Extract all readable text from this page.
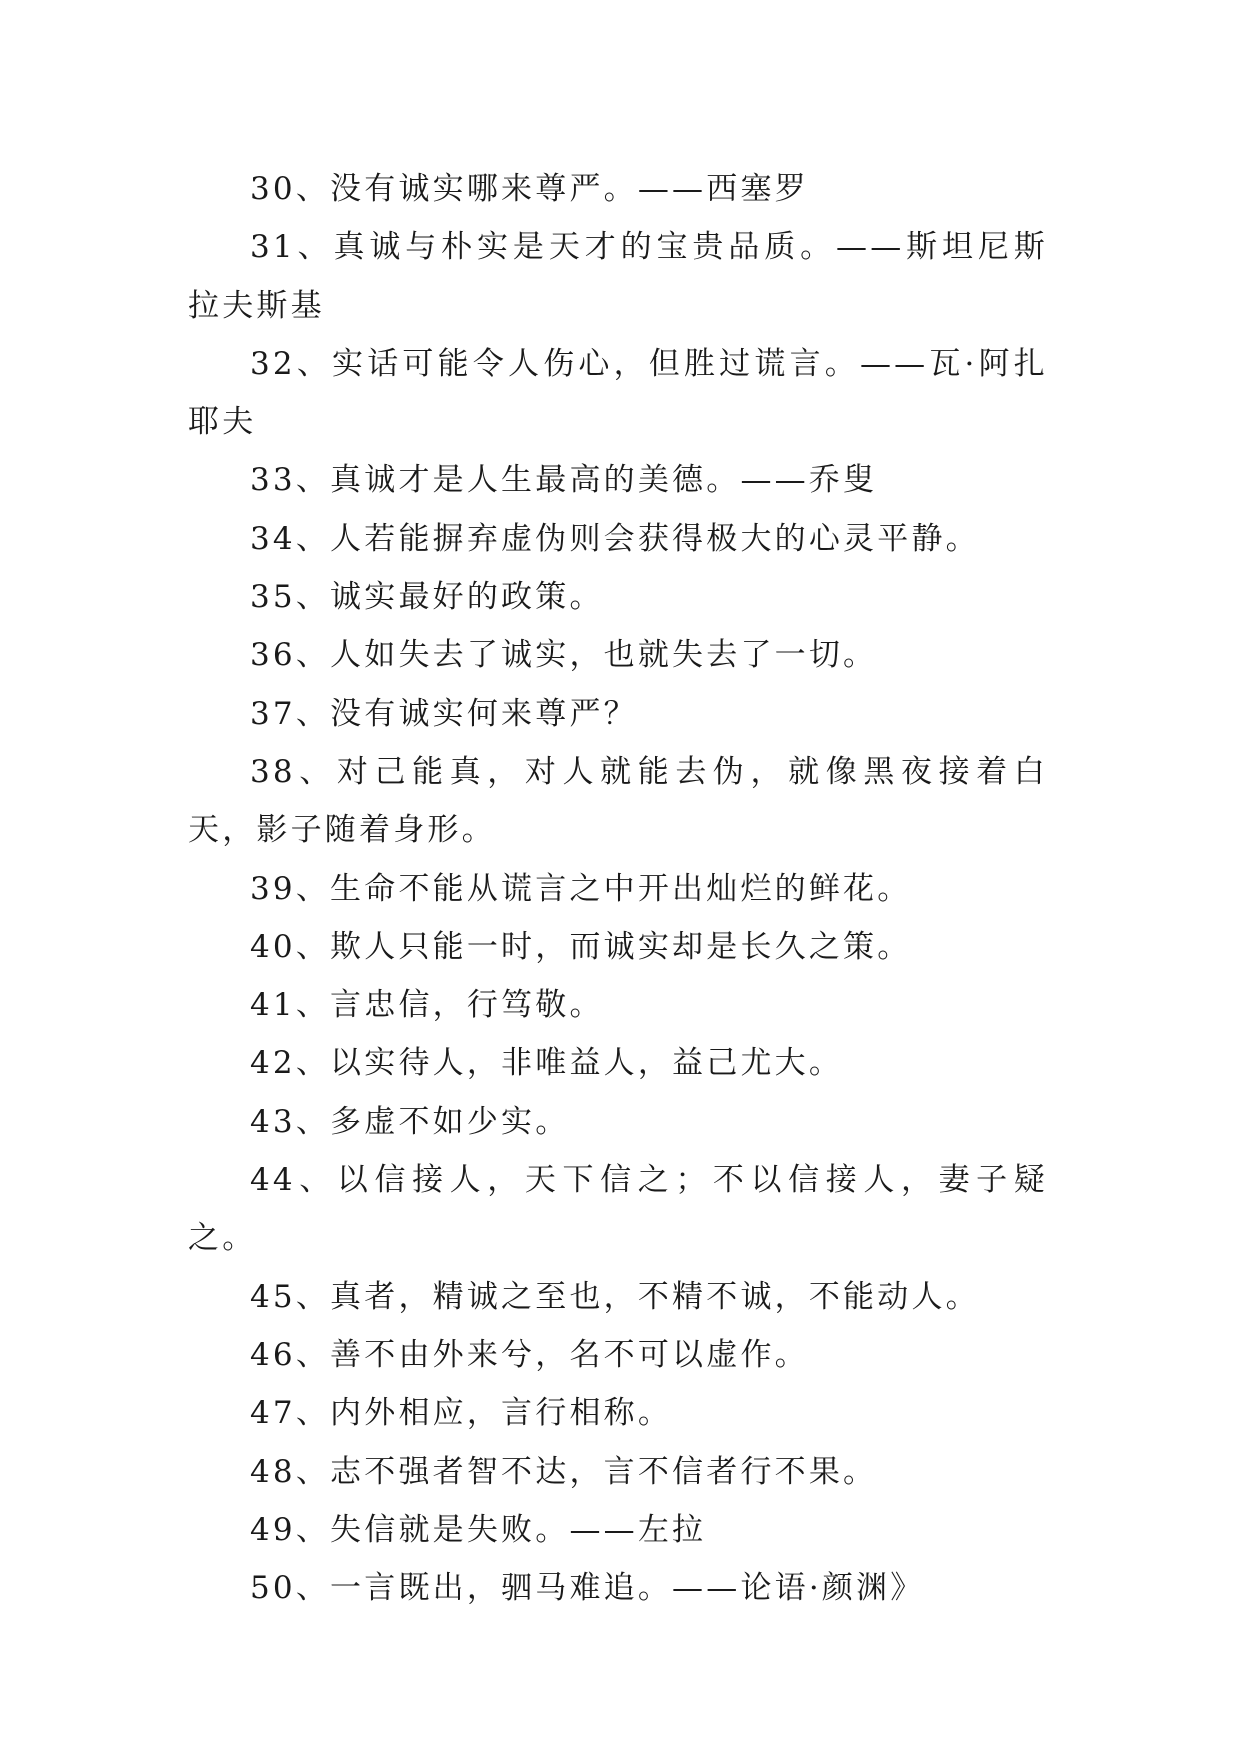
30、没有诚实哪来尊严。——西塞罗

31、真诚与朴实是天才的宝贵品质。——斯坦尼斯拉夫斯基

32、实话可能令人伤心，但胜过谎言。——瓦·阿扎耶夫

33、真诚才是人生最高的美德。——乔叟

34、人若能摒弃虚伪则会获得极大的心灵平静。

35、诚实最好的政策。

36、人如失去了诚实，也就失去了一切。

37、没有诚实何来尊严？

38、对己能真，对人就能去伪，就像黑夜接着白天，影子随着身形。

39、生命不能从谎言之中开出灿烂的鲜花。

40、欺人只能一时，而诚实却是长久之策。

41、言忠信，行笃敬。

42、以实待人，非唯益人，益己尤大。

43、多虚不如少实。

44、以信接人，天下信之；不以信接人，妻子疑之。

45、真者，精诚之至也，不精不诚，不能动人。

46、善不由外来兮，名不可以虚作。

47、内外相应，言行相称。

48、志不强者智不达，言不信者行不果。

49、失信就是失败。——左拉

50、一言既出，驷马难追。——论语·颜渊》
